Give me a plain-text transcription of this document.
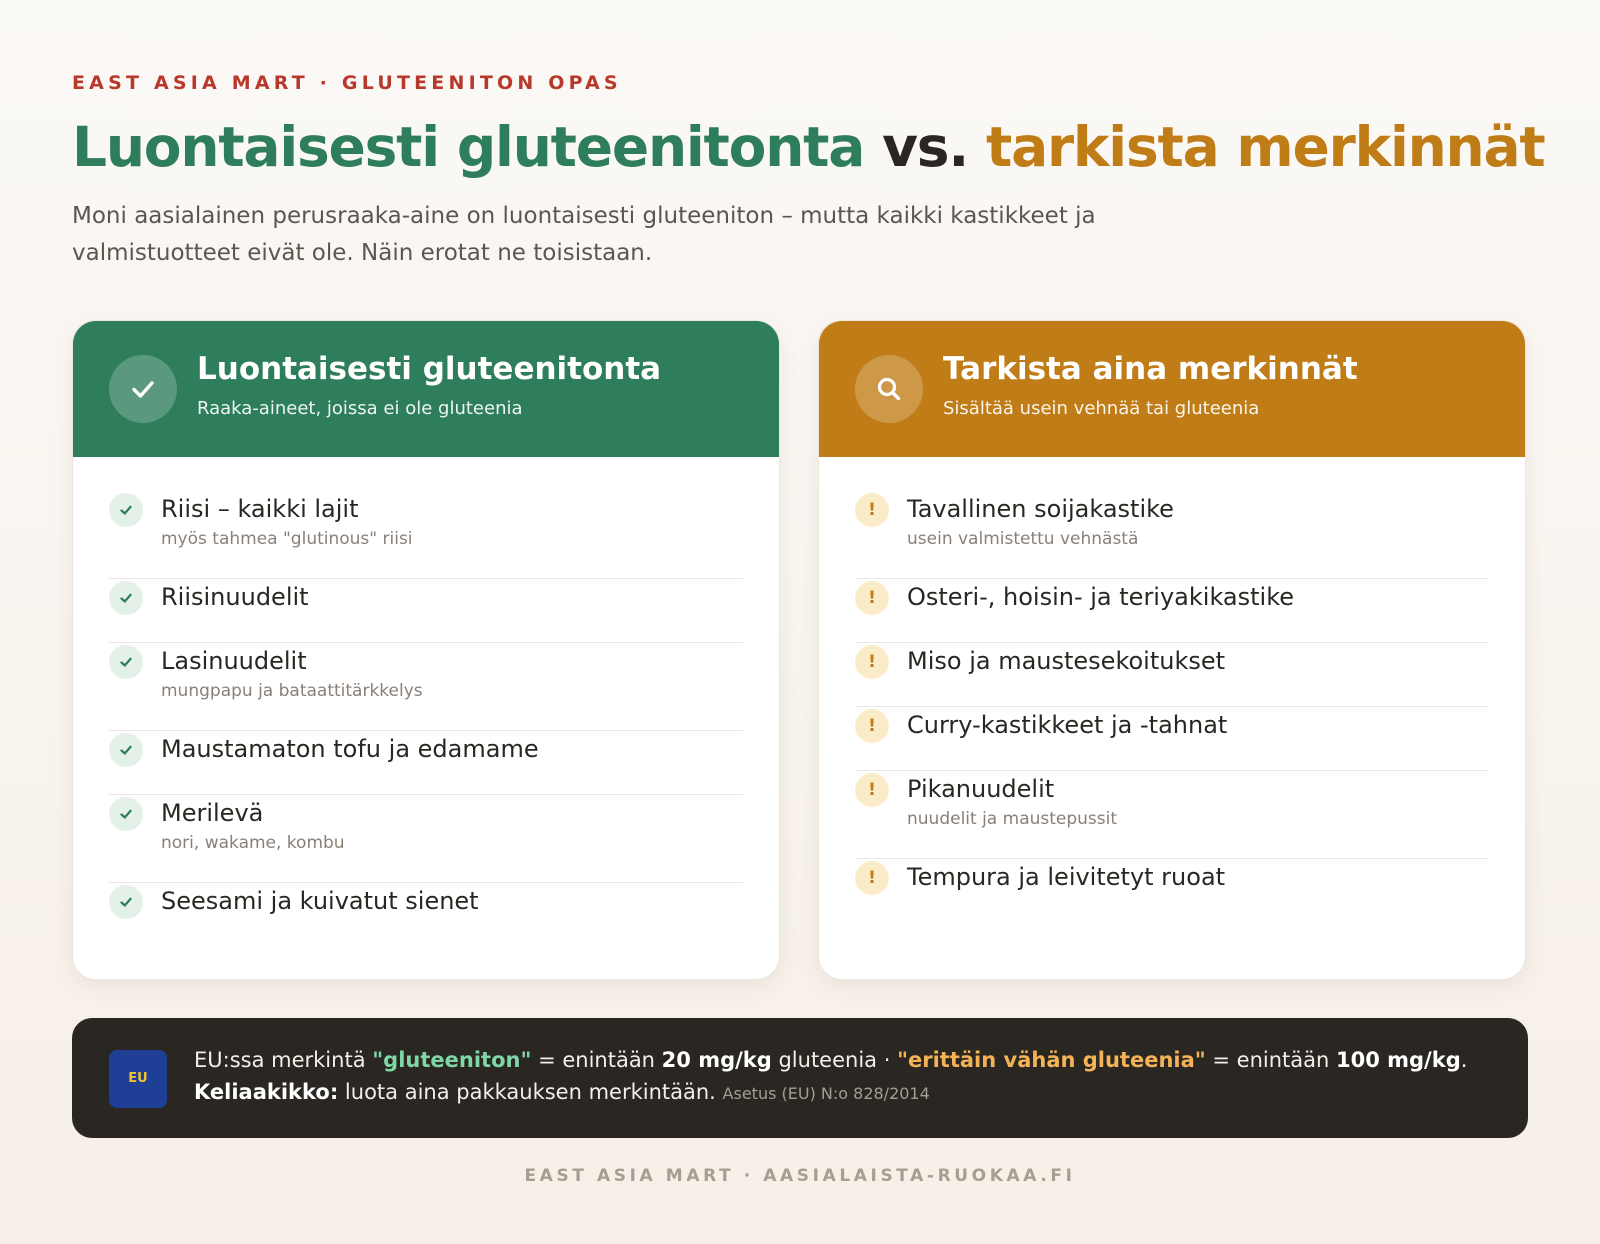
EAST ASIA MART · GLUTEENITON OPAS
Luontaisesti gluteenitonta vs. tarkista merkinnät
Moni aasialainen perusraaka-aine on luontaisesti gluteeniton – mutta kaikki kastikkeet ja valmistuotteet eivät ole. Näin erotat ne toisistaan.
Luontaisesti gluteenitonta
Raaka-aineet, joissa ei ole gluteenia
Riisi – kaikki lajit
myös tahmea "glutinous" riisi
Riisinuudelit
Lasinuudelit
mungpapu ja bataattitärkkelys
Maustamaton tofu ja edamame
Merilevä
nori, wakame, kombu
Seesami ja kuivatut sienet
Tarkista aina merkinnät
Sisältää usein vehnää tai gluteenia
!	Tavallinen soijakastike
usein valmistettu vehnästä
!	Osteri-, hoisin- ja teriyakikastike
!	Miso ja maustesekoitukset
!	Curry-kastikkeet ja -tahnat
!	Pikanuudelit
nuudelit ja maustepussit
!	Tempura ja leivitetyt ruoat
EU
EU:ssa merkintä "gluteeniton" = enintään 20 mg/kg gluteenia · "erittäin vähän gluteenia" = enintään 100 mg/kg.
Keliaakikko: luota aina pakkauksen merkintään. Asetus (EU) N:o 828/2014
EAST ASIA MART · AASIALAISTA-RUOKAA.FI
